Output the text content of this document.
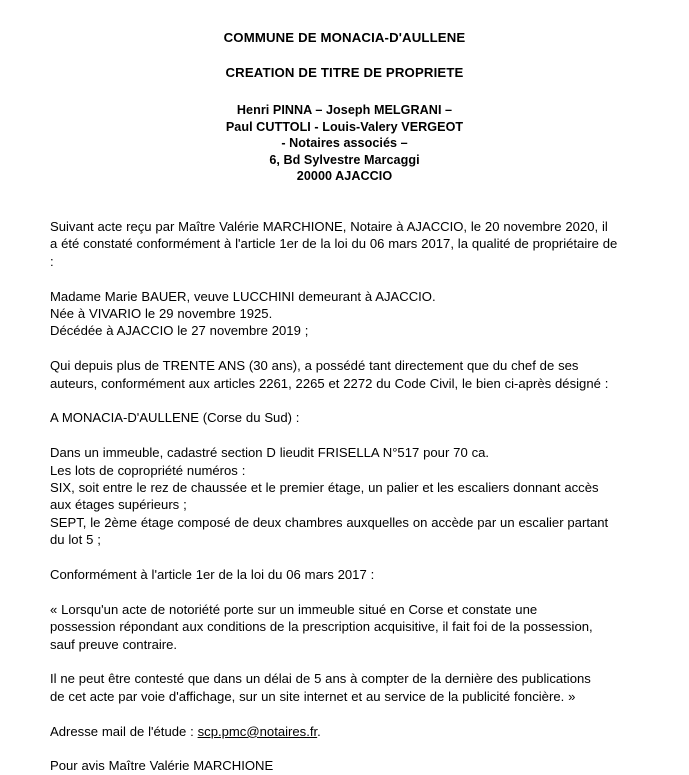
COMMUNE DE MONACIA-D'AULLENE
CREATION DE TITRE DE PROPRIETE
Henri PINNA – Joseph MELGRANI –
Paul CUTTOLI - Louis-Valery VERGEOT
- Notaires associés –
6, Bd Sylvestre Marcaggi
20000 AJACCIO

Suivant acte reçu par Maître Valérie MARCHIONE, Notaire à AJACCIO, le 20 novembre 2020, il
a été constaté conformément à l'article 1er de la loi du 06 mars 2017, la qualité de propriétaire de
:

Madame Marie BAUER, veuve LUCCHINI demeurant à AJACCIO.
Née à VIVARIO le 29 novembre 1925.
Décédée à AJACCIO le 27 novembre 2019 ;

Qui depuis plus de TRENTE ANS (30 ans), a possédé tant directement que du chef de ses
auteurs, conformément aux articles 2261, 2265 et 2272 du Code Civil, le bien ci-après désigné :

A MONACIA-D'AULLENE (Corse du Sud) :

Dans un immeuble, cadastré section D lieudit FRISELLA N°517 pour 70 ca.
Les lots de copropriété numéros :
SIX, soit entre le rez de chaussée et le premier étage, un palier et les escaliers donnant accès
aux étages supérieurs ;
SEPT, le 2ème étage composé de deux chambres auxquelles on accède par un escalier partant
du lot 5 ;

Conformément à l'article 1er de la loi du 06 mars 2017 :

« Lorsqu'un acte de notoriété porte sur un immeuble situé en Corse et constate une
possession répondant aux conditions de la prescription acquisitive, il fait foi de la possession,
sauf preuve contraire.

Il ne peut être contesté que dans un délai de 5 ans à compter de la dernière des publications
de cet acte par voie d'affichage, sur un site internet et au service de la publicité foncière. »

Adresse mail de l'étude : scp.pmc@notaires.fr.

Pour avis Maître Valérie MARCHIONE
